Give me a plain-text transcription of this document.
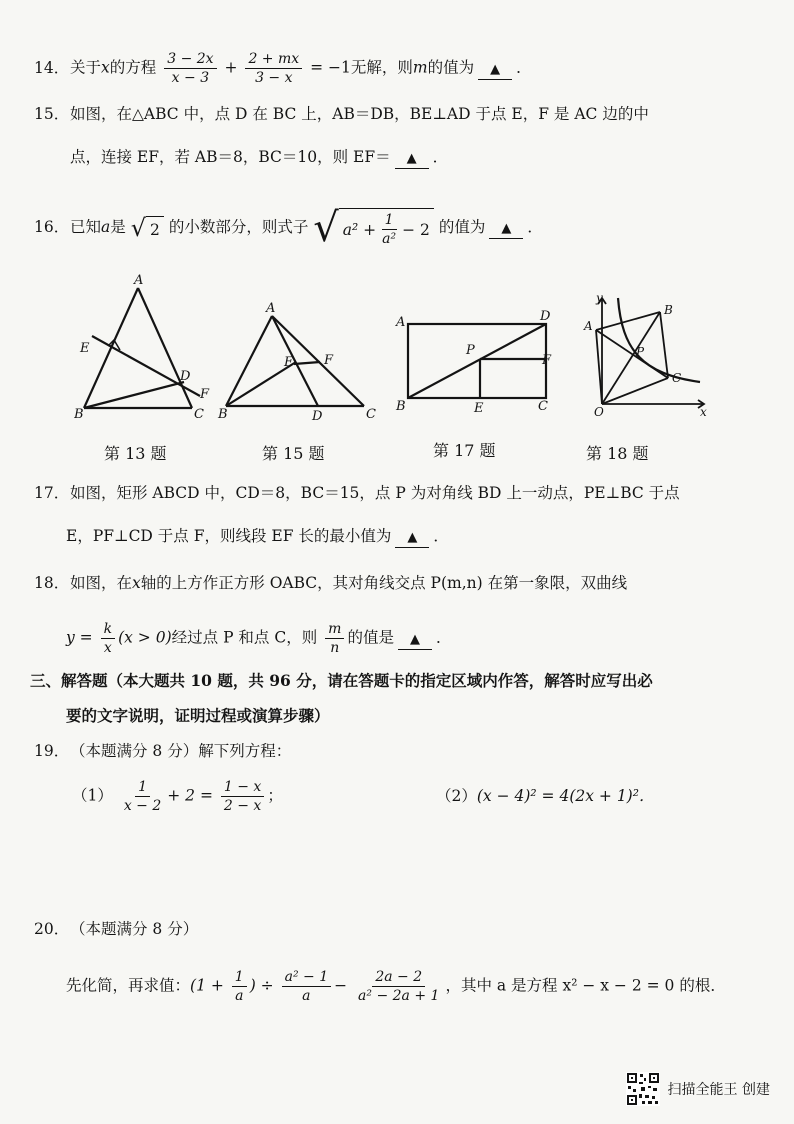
14．关于x的方程 $\frac{3 - 2x}{x - 3} + \frac{2 + mx}{3 - x} = -1$无解，则m的值为 ▲ ．
15．如图，在△ABC 中，点 D 在 BC 上，AB＝DB，BE⊥AD 于点 E，F 是 AC 边的中
点，连接 EF，若 AB＝8，BC＝10，则 EF＝ ▲ ．
16．已知a是 √ 2 的小数部分，则式子 √ $a^2 + \frac{1}{\text{a²}} - 2$ 的值为 ▲ ．
A
E
D
F
B	C
第 13 题
A
E F
B	D	C
第 15 题
A	D
P
F
B	E	C
第 17 题
y
A
B
P
C
O	x
第 18 题
17．如图，矩形 ABCD 中，CD＝8，BC＝15，点 P 为对角线 BD 上一动点，PE⊥BC 于点
E，PF⊥CD 于点 F，则线段 EF 长的最小值为 ▲ ．
18．如图，在x轴的上方作正方形 OABC，其对角线交点 P(m,n) 在第一象限，双曲线
$y = \frac{k}{x} (x > 0)$经过点 P 和点 C，则 $\frac{m}{n}$ 的值是 ▲ ．
三、解答题（本大题共 10 题，共 96 分，请在答题卡的指定区域内作答，解答时应写出必
要的文字说明，证明过程或演算步骤）
19．（本题满分 8 分）解下列方程：
$(1) \frac{1}{x - 2} + 2 = \frac{1 - x}{2 - x}$ ；	（2）(x − 4)² = 4(2x + 1)²．
20．（本题满分 8 分）
先化简，再求值：($1 + \frac{1}{a}$ ) ÷ $\frac{\text{a² − 1}}{a} - \frac{2a - 2}{\text{a² − 2a + 1}}$ ，其中 a 是方程 x² − x − 2 = 0 的根．
扫描全能王 创建
